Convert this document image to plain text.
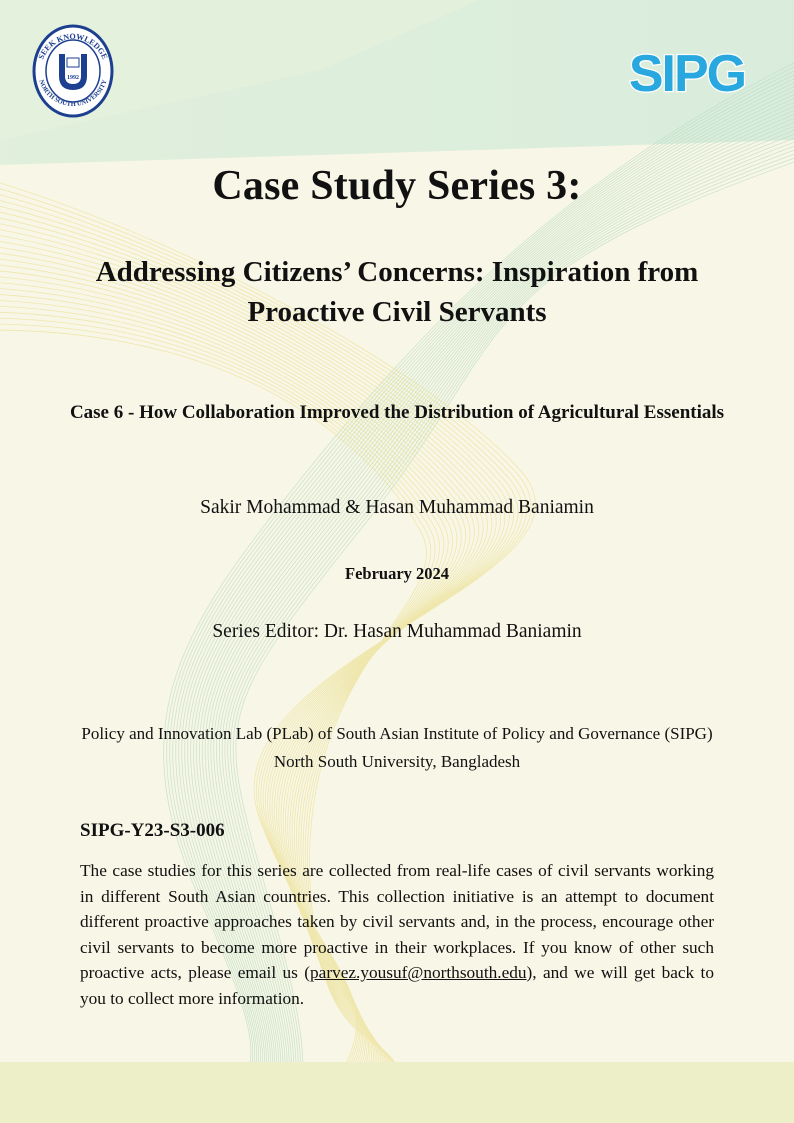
SEEK KNOWLEDGE
NORTH SOUTH UNIVERSITY
1992	SIPG
Case Study Series 3:
Addressing Citizens’ Concerns: Inspiration from Proactive Civil Servants
Case 6 - How Collaboration Improved the Distribution of Agricultural Essentials
Sakir Mohammad & Hasan Muhammad Baniamin
February 2024
Series Editor: Dr. Hasan Muhammad Baniamin
Policy and Innovation Lab (PLab) of South Asian Institute of Policy and Governance (SIPG)
North South University, Bangladesh
SIPG-Y23-S3-006
The case studies for this series are collected from real-life cases of civil servants working in different South Asian countries. This collection initiative is an attempt to document different proactive approaches taken by civil servants and, in the process, encourage other civil servants to become more proactive in their workplaces. If you know of other such proactive acts, please email us (parvez.yousuf@northsouth.edu), and we will get back to you to collect more information.
